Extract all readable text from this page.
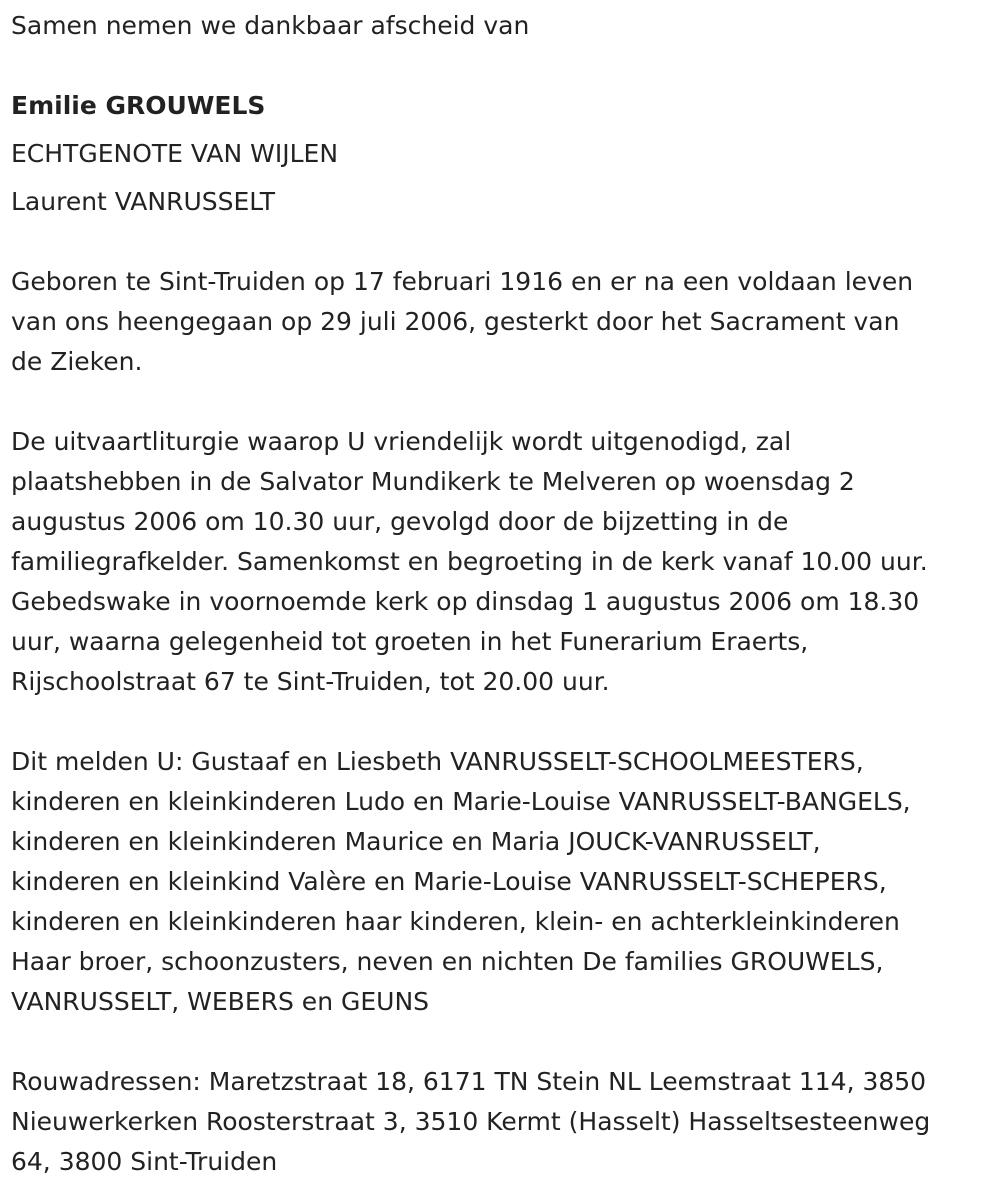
Samen nemen we dankbaar afscheid van
Emilie GROUWELS
ECHTGENOTE VAN WIJLEN
Laurent VANRUSSELT

Geboren te Sint-Truiden op 17 februari 1916 en er na een voldaan leven
van ons heengegaan op 29 juli 2006, gesterkt door het Sacrament van
de Zieken.

De uitvaartliturgie waarop U vriendelijk wordt uitgenodigd, zal
plaatshebben in de Salvator Mundikerk te Melveren op woensdag 2
augustus 2006 om 10.30 uur, gevolgd door de bijzetting in de
familiegrafkelder. Samenkomst en begroeting in de kerk vanaf 10.00 uur.
Gebedswake in voornoemde kerk op dinsdag 1 augustus 2006 om 18.30
uur, waarna gelegenheid tot groeten in het Funerarium Eraerts,
Rijschoolstraat 67 te Sint-Truiden, tot 20.00 uur.

Dit melden U: Gustaaf en Liesbeth VANRUSSELT-SCHOOLMEESTERS,
kinderen en kleinkinderen Ludo en Marie-Louise VANRUSSELT-BANGELS,
kinderen en kleinkinderen Maurice en Maria JOUCK-VANRUSSELT,
kinderen en kleinkind Valère en Marie-Louise VANRUSSELT-SCHEPERS,
kinderen en kleinkinderen haar kinderen, klein- en achterkleinkinderen
Haar broer, schoonzusters, neven en nichten De families GROUWELS,
VANRUSSELT, WEBERS en GEUNS

Rouwadressen: Maretzstraat 18, 6171 TN Stein NL Leemstraat 114, 3850
Nieuwerkerken Roosterstraat 3, 3510 Kermt (Hasselt) Hasseltsesteenweg
64, 3800 Sint-Truiden
